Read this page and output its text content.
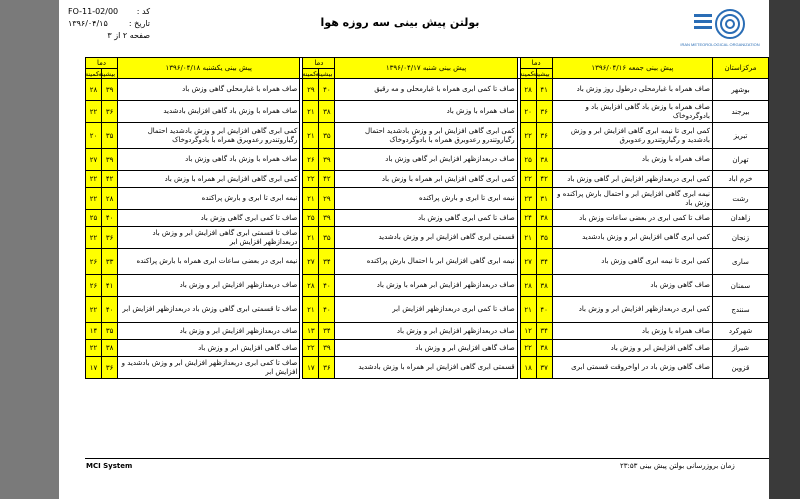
کد :
FO-11-02/00
تاریخ :
۱۳۹۶/۰۴/۱۵
صفحه ۲ از ۳
بولتن پیش بینی سه روزه هوا
IRAN METEOROLOGICAL ORGANIZATION
مرکزاستان	پیش بینی جمعه ۱۳۹۶/۰۴/۱۶	دما			پیش بینی شنبه ۱۳۹۶/۰۴/۱۷	دما			پیش بینی یکشنبه ۱۳۹۶/۰۴/۱۸	دما	
		بیشینه	کمینه			بیشینه	کمینه			بیشینه	کمینه
بوشهر	صاف همراه با غبارمحلی درطول روز وزش باد	۴۱	۲۸		صاف تا کمی ابری همراه با غبارمحلی و مه رقیق	۴۰	۲۹		صاف همراه با غبارمحلی گاهی وزش باد	۳۹	۲۸
بیرجند	صاف همراه با وزش باد گاهی افزایش باد و بادوگردوخاک	۳۶	۲۰		صاف همراه با وزش باد	۳۸	۲۱		صاف همراه با وزش باد گاهی افزایش بادشدید	۳۶	۲۲
تبریز	کمی ابری تا نیمه ابری گاهی افزایش ابر و وزش بادشدید و رگباروتندرو رعدوبرق	۳۶	۲۲		کمی ابری گاهی افزایش ابر و وزش بادشدید احتمال رگباروتندرو رعدوبرق همراه با بادوگردوخاک	۳۵	۲۱		کمی ابری گاهی افزایش ابر و وزش بادشدید احتمال رگباروتندرو رعدوبرق همراه با بادوگردوخاک	۳۵	۲۰
تهران	صاف همراه با وزش باد	۳۸	۲۵		صاف دربعدازظهر افزایش ابر گاهی وزش باد	۳۹	۲۶		صاف همراه با وزش باد گاهی وزش باد	۳۹	۲۷
خرم اباد	کمی ابری دربعدازظهر افزایش ابر گاهی وزش باد	۴۲	۲۲		کمی ابری گاهی افزایش ابر همراه با وزش باد	۴۲	۲۲		کمی ابری گاهی افزایش ابر همراه با وزش باد	۴۲	۲۲
رشت	نیمه ابری گاهی افزایش ابر و احتمال بارش پراکنده و وزش باد	۳۱	۲۳		نیمه ابری تا ابری و بارش پراکنده	۲۹	۲۱		نیمه ابری تا ابری و بارش پراکنده	۲۸	۲۲
زاهدان	صاف تا کمی ابری در بعضی ساعات وزش باد	۳۸	۲۴		صاف تا کمی ابری گاهی وزش باد	۳۹	۲۵		صاف تا کمی ابری گاهی وزش باد	۴۰	۲۵
زنجان	کمی ابری گاهی افزایش ابر و وزش بادشدید	۳۵	۲۱		قسمتی ابری گاهی افزایش ابر و وزش بادشدید	۳۵	۲۱		صاف تا قسمتی ابری گاهی افزایش ابر و وزش باد دربعدازظهر افزایش ابر	۳۶	۲۲
ساری	کمی ابری تا نیمه ابری گاهی وزش باد	۳۴	۲۷		نیمه ابری گاهی افزایش ابر با احتمال بارش پراکنده	۳۴	۲۷		نیمه ابری در بعضی ساعات ابری همراه با بارش پراکنده	۳۳	۲۶
سمنان	صاف گاهی وزش باد	۳۸	۲۸		صاف دربعدازظهر افزایش ابر همراه با وزش باد	۴۰	۲۸		صاف دربعدازظهر افزایش ابر و وزش باد	۴۱	۲۶
سنندج	کمی ابری دربعدازظهر افزایش ابر و وزش باد	۴۰	۲۱		صاف تا کمی ابری دربعدازظهر افزایش ابر	۴۰	۲۱		صاف تا قسمتی ابری گاهی وزش باد دربعدازظهر افزایش ابر	۴۰	۲۲
شهرکرد	صاف همراه با وزش باد	۳۴	۱۲		صاف دربعدازظهر افزایش ابر و وزش باد	۳۴	۱۳		صاف دربعدازظهر افزایش ابر و وزش باد	۳۵	۱۴
شیراز	صاف گاهی افزایش ابر و وزش باد	۳۸	۲۲		صاف گاهی افزایش ابر و وزش باد	۳۹	۲۲		صاف گاهی افزایش ابر و وزش باد	۳۸	۲۲
قزوین	صاف گاهی وزش باد در اواخروقت قسمتی ابری	۳۷	۱۸		قسمتی ابری گاهی افزایش ابر همراه با وزش بادشدید	۳۶	۱۷		صاف تا کمی ابری دربعدازظهر افزایش ابر و وزش بادشدید و افزایش ابر	۳۶	۱۷
MCI System	زمان بروزرسانی بولتن پیش بینی ۲۳:۵۳
